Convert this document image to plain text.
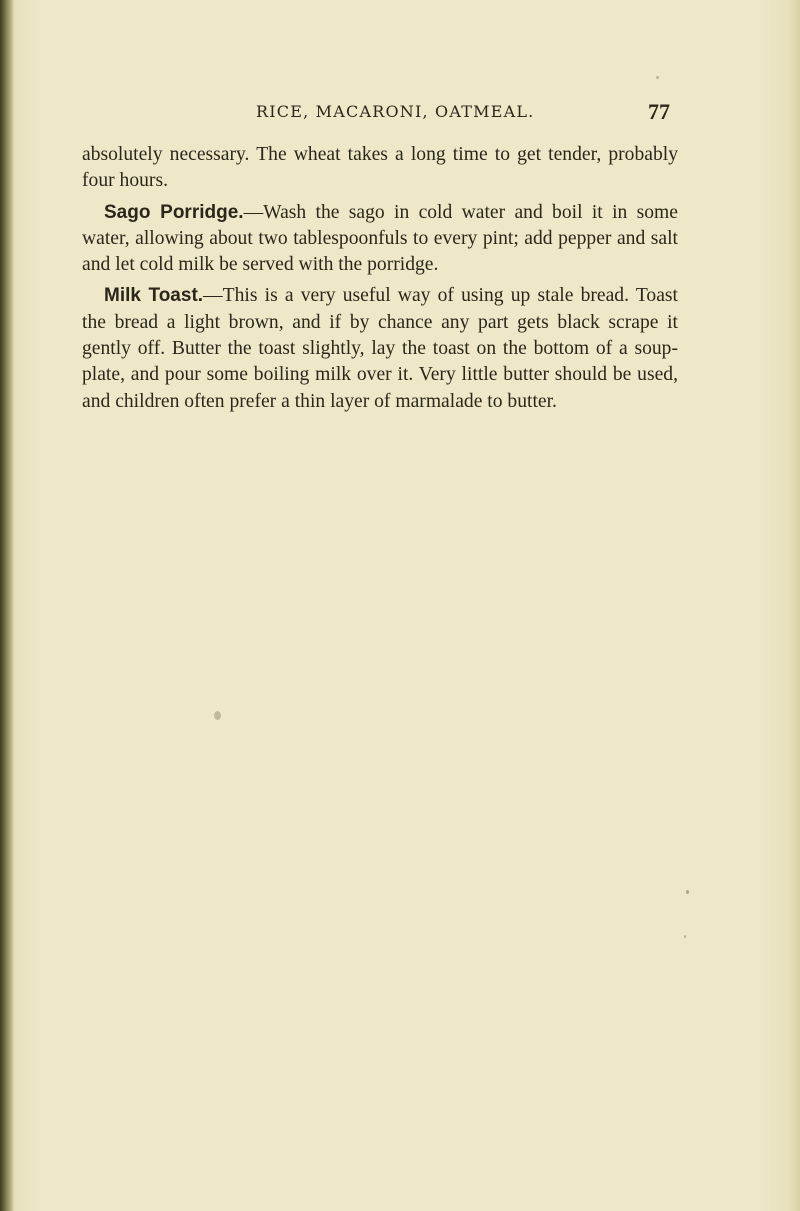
RICE, MACARONI, OATMEAL.	77

absolutely necessary. The wheat takes a long time to get tender, probably four hours.

Sago Porridge.—Wash the sago in cold water and boil it in some water, allowing about two tablespoonfuls to every pint; add pepper and salt and let cold milk be served with the porridge.

Milk Toast.—This is a very useful way of using up stale bread. Toast the bread a light brown, and if by chance any part gets black scrape it gently off. Butter the toast slightly, lay the toast on the bottom of a soup-plate, and pour some boiling milk over it. Very little butter should be used, and children often prefer a thin layer of marmalade to butter.
